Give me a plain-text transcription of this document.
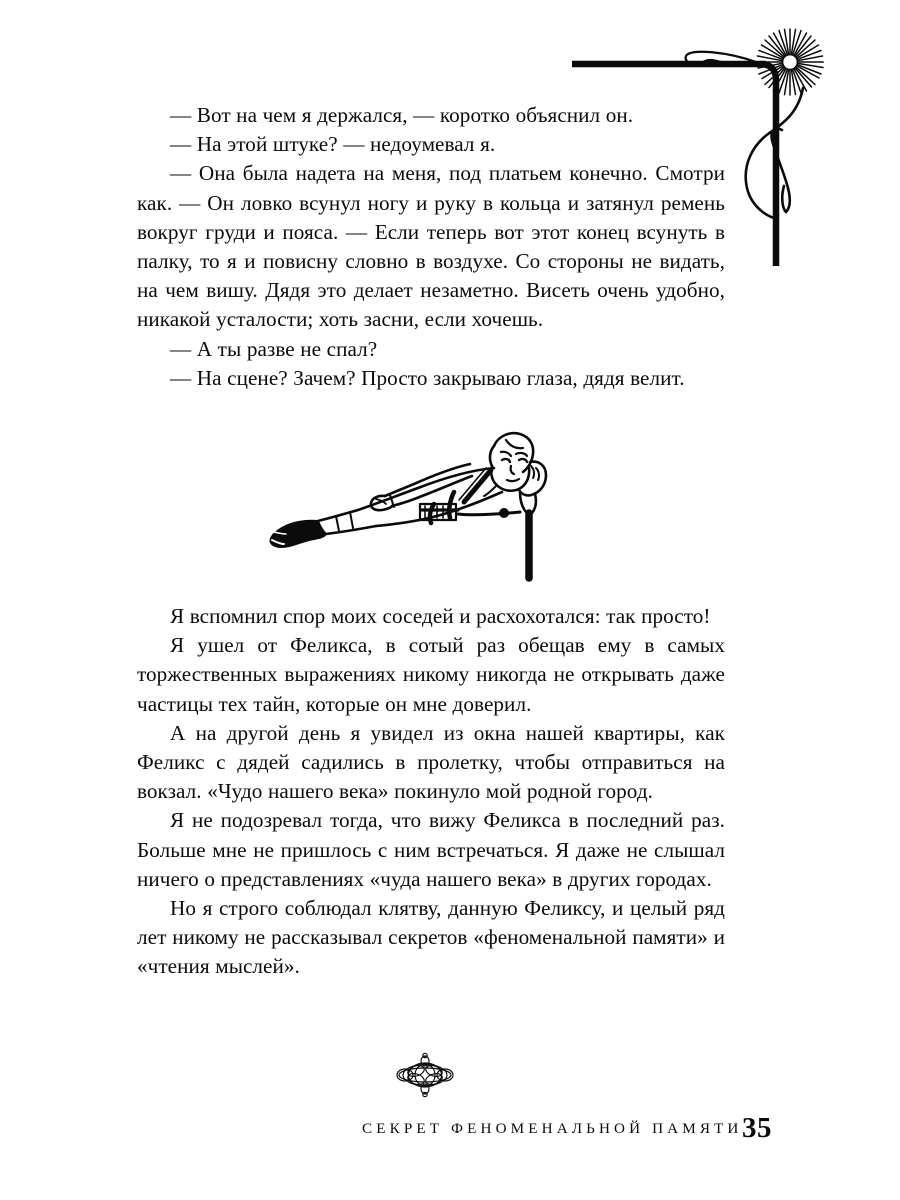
— Вот на чем я держался, — коротко объяснил он.

— На этой штуке? — недоумевал я.

— Она была надета на меня, под платьем конечно. Смотри как. — Он ловко всунул ногу и руку в кольца и затянул ремень вокруг груди и пояса. — Если теперь вот этот конец всунуть в палку, то я и повисну словно в воздухе. Со стороны не видать, на чем вишу. Дядя это делает незаметно. Висеть очень удобно, никакой усталости; хоть засни, если хочешь.

— А ты разве не спал?

— На сцене? Зачем? Просто закрываю глаза, дядя велит.

Я вспомнил спор моих соседей и расхохотался: так просто!

Я ушел от Феликса, в сотый раз обещав ему в самых торжественных выражениях никому никогда не открывать даже частицы тех тайн, которые он мне доверил.

А на другой день я увидел из окна нашей квартиры, как Феликс с дядей садились в пролетку, чтобы отправиться на вокзал. «Чудо нашего века» покинуло мой родной город.

Я не подозревал тогда, что вижу Феликса в последний раз. Больше мне не пришлось с ним встречаться. Я даже не слышал ничего о представлениях «чуда нашего века» в других городах.

Но я строго соблюдал клятву, данную Феликсу, и целый ряд лет никому не рассказывал секретов «феноменальной памяти» и «чтения мыслей».

СЕКРЕТ ФЕНОМЕНАЛЬНОЙ ПАМЯТИ 35
